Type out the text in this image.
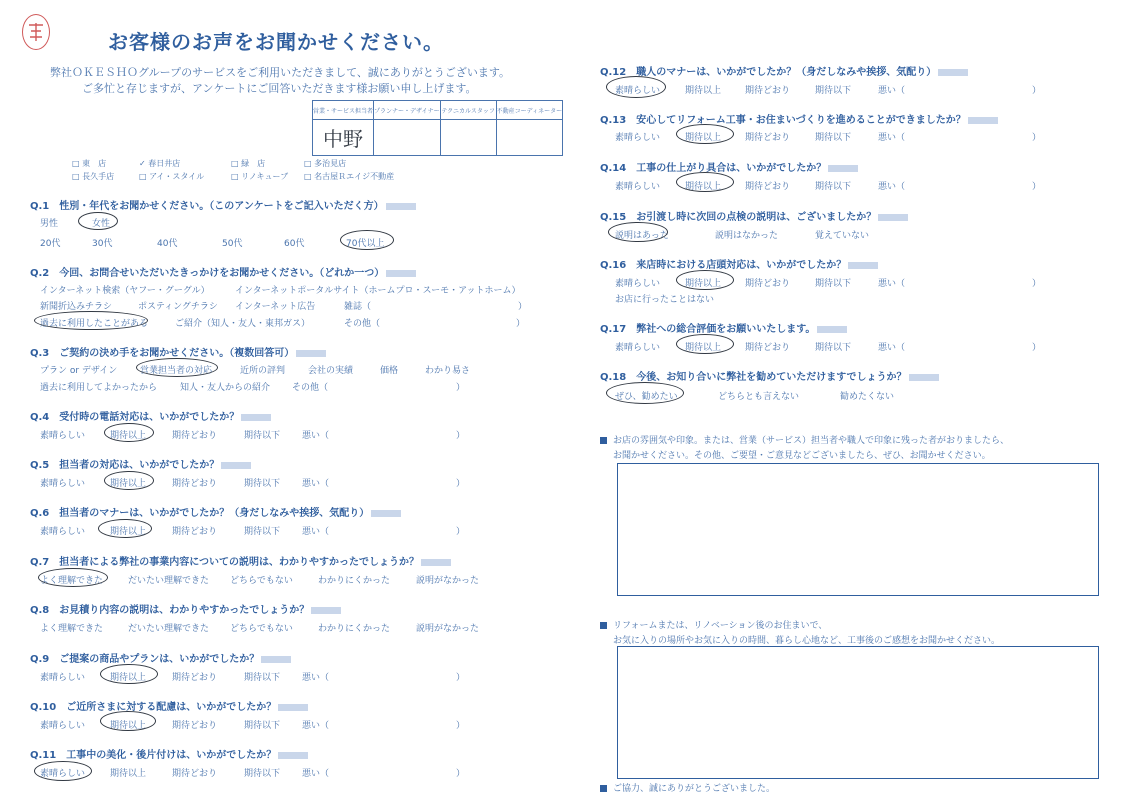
お客様のお声をお聞かせください。
弊社ＯＫＥＳＨＯグループのサービスをご利用いただきまして、誠にありがとうございます。
ご多忙と存じますが、アンケートにご回答いただきます様お願い申し上げます。
営業・サービス担当者	プランナー・デザイナー	テクニカルスタッフ	不動産コーディネーター
中野			
□ 東　店	✓ 春日井店	□ 緑　店	□ 多治見店
□ 長久手店	□ アイ・スタイル	□ リノキューブ □ 名古屋Ｒエイジ不動産
Q.1　性別・年代をお聞かせください。（このアンケートをご記入いただく方）
男性	女性
20代	30代	40代	50代	60代	70代以上
Q.2　今回、お問合せいただいたきっかけをお聞かせください。（どれか一つ）
インターネット検索（ヤフー・グーグル）	インターネットポータルサイト（ホームプロ・スーモ・アットホーム）
新聞折込みチラシ	ポスティングチラシ インターネット広告	雑誌（	）
過去に利用したことがある	ご紹介（知人・友人・東邦ガス）	その他（	）
Q.3　ご契約の決め手をお聞かせください。（複数回答可）
プラン or デザイン	営業担当者の対応	近所の評判	会社の実績	価格	わかり易さ
過去に利用してよかったから	知人・友人からの紹介 その他（	）
Q.4　受付時の電話対応は、いかがでしたか？
素晴らしい	期待以上	期待どおり	期待以下 悪い（	）
Q.5　担当者の対応は、いかがでしたか？
素晴らしい	期待以上	期待どおり	期待以下 悪い（	）
Q.6　担当者のマナーは、いかがでしたか？（身だしなみや挨拶、気配り）
素晴らしい	期待以上	期待どおり	期待以下 悪い（	）
Q.7　担当者による弊社の事業内容についての説明は、わかりやすかったでしょうか？
よく理解できた	だいたい理解できた どちらでもない	わかりにくかった	説明がなかった
Q.8　お見積り内容の説明は、わかりやすかったでしょうか？
よく理解できた	だいたい理解できた どちらでもない	わかりにくかった	説明がなかった
Q.9　ご提案の商品やプランは、いかがでしたか？
素晴らしい	期待以上	期待どおり	期待以下 悪い（	）
Q.10　ご近所さまに対する配慮は、いかがでしたか？
素晴らしい	期待以上	期待どおり	期待以下 悪い（	）
Q.11　工事中の美化・後片付けは、いかがでしたか？
素晴らしい	期待以上	期待どおり	期待以下 悪い（	）
Q.12　職人のマナーは、いかがでしたか？（身だしなみや挨拶、気配り）
素晴らしい	期待以上	期待どおり	期待以下	悪い（	）
Q.13　安心してリフォーム工事・お住まいづくりを進めることができましたか？
素晴らしい	期待以上	期待どおり	期待以下	悪い（	）
Q.14　工事の仕上がり具合は、いかがでしたか？
素晴らしい	期待以上	期待どおり	期待以下	悪い（	）
Q.15　お引渡し時に次回の点検の説明は、ございましたか？
説明はあった	説明はなかった	覚えていない
Q.16　来店時における店頭対応は、いかがでしたか？
素晴らしい	期待以上	期待どおり	期待以下	悪い（	）
お店に行ったことはない
Q.17　弊社への総合評価をお願いいたします。
素晴らしい	期待以上	期待どおり	期待以下	悪い（	）
Q.18　今後、お知り合いに弊社を勧めていただけますでしょうか？
ぜひ、勧めたい	どちらとも言えない	勧めたくない
お店の雰囲気や印象。または、営業（サービス）担当者や職人で印象に残った者がおりましたら、
お聞かせください。その他、ご要望・ご意見などございましたら、ぜひ、お聞かせください。
リフォームまたは、リノベーション後のお住まいで、
お気に入りの場所やお気に入りの時間、暮らし心地など、工事後のご感想をお聞かせください。
ご協力、誠にありがとうございました。
